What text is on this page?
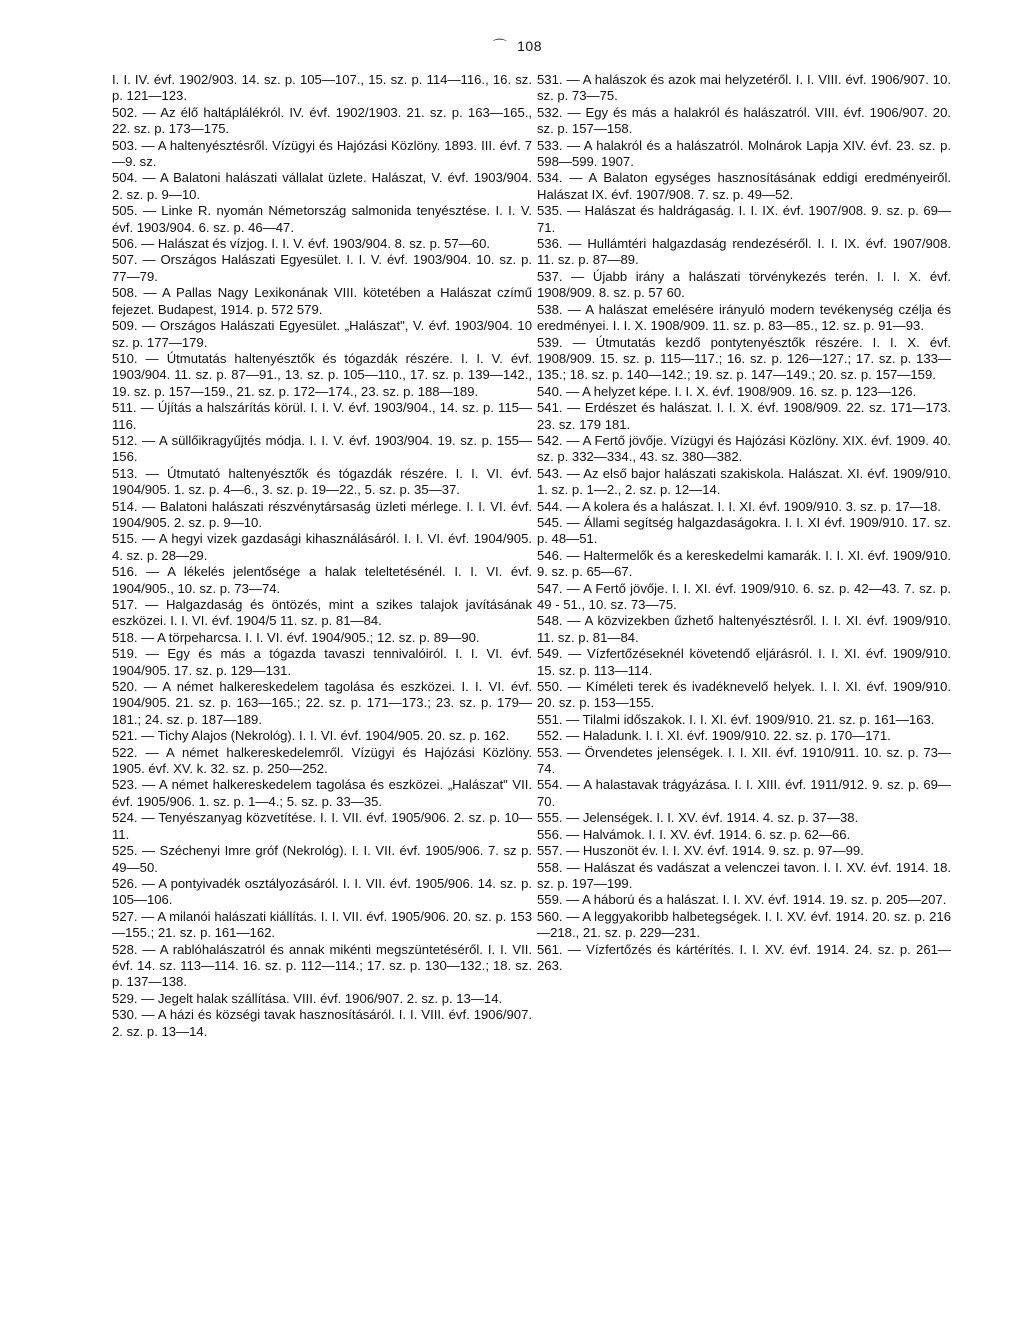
⌒ 108

I. I. IV. évf. 1902/903. 14. sz. p. 105—107., 15. sz. p. 114—116., 16. sz. p. 121—123.

502. — Az élő haltáplálékról. IV. évf. 1902/1903. 21. sz. p. 163—165., 22. sz. p. 173—175.

503. — A haltenyésztésről. Vízügyi és Hajózási Közlöny. 1893. III. évf. 7—9. sz.

504. — A Balatoni halászati vállalat üzlete. Halászat, V. évf. 1903/904. 2. sz. p. 9—10.

505. — Linke R. nyomán Németország salmonida tenyésztése. I. I. V. évf. 1903/904. 6. sz. p. 46—47.

506. — Halászat és vízjog. I. I. V. évf. 1903/904. 8. sz. p. 57—60.

507. — Országos Halászati Egyesület. I. I. V. évf. 1903/904. 10. sz. p. 77—79.

508. — A Pallas Nagy Lexikonának VIII. kötetében a Halászat czímű fejezet. Budapest, 1914. p. 572 579.

509. — Országos Halászati Egyesület. „Halászat", V. évf. 1903/904. 10 sz. p. 177—179.

510. — Útmutatás haltenyésztők és tógazdák részére. I. I. V. évf. 1903/904. 11. sz. p. 87—91., 13. sz. p. 105—110., 17. sz. p. 139—142., 19. sz. p. 157—159., 21. sz. p. 172—174., 23. sz. p. 188—189.

511. — Újítás a halszárítás körül. I. I. V. évf. 1903/904., 14. sz. p. 115—116.

512. — A süllőikragyűjtés módja. I. I. V. évf. 1903/904. 19. sz. p. 155—156.

513. — Útmutató haltenyésztők és tógazdák részére. I. I. VI. évf. 1904/905. 1. sz. p. 4—6., 3. sz. p. 19—22., 5. sz. p. 35—37.

514. — Balatoni halászati részvénytársaság üzleti mérlege. I. I. VI. évf. 1904/905. 2. sz. p. 9—10.

515. — A hegyi vizek gazdasági kihasználásáról. I. I. VI. évf. 1904/905. 4. sz. p. 28—29.

516. — A lékelés jelentősége a halak teleltetésénél. I. I. VI. évf. 1904/905., 10. sz. p. 73—74.

517. — Halgazdaság és öntözés, mint a szikes talajok javításának eszközei. I. I. VI. évf. 1904/5 11. sz. p. 81—84.

518. — A törpeharcsa. I. I. VI. évf. 1904/905.; 12. sz. p. 89—90.

519. — Egy és más a tógazda tavaszi tennivalóiról. I. I. VI. évf. 1904/905. 17. sz. p. 129—131.

520. — A német halkereskedelem tagolása és eszközei. I. I. VI. évf. 1904/905. 21. sz. p. 163—165.; 22. sz. p. 171—173.; 23. sz. p. 179—181.; 24. sz. p. 187—189.

521. — Tichy Alajos (Nekrológ). I. I. VI. évf. 1904/905. 20. sz. p. 162.

522. — A német halkereskedelemről. Vízügyi és Hajózási Közlöny. 1905. évf. XV. k. 32. sz. p. 250—252.

523. — A német halkereskedelem tagolása és eszközei. „Halászat" VII. évf. 1905/906. 1. sz. p. 1—4.; 5. sz. p. 33—35.

524. — Tenyészanyag közvetítése. I. I. VII. évf. 1905/906. 2. sz. p. 10—11.

525. — Széchenyi Imre gróf (Nekrológ). I. I. VII. évf. 1905/906. 7. sz p. 49—50.

526. — A pontyivadék osztályozásáról. I. I. VII. évf. 1905/906. 14. sz. p. 105—106.

527. — A milanói halászati kiállítás. I. I. VII. évf. 1905/906. 20. sz. p. 153—155.; 21. sz. p. 161—162.

528. — A rablóhalászatról és annak mikénti megszüntetéséről. I. I. VII. évf. 14. sz. 113—114. 16. sz. p. 112—114.; 17. sz. p. 130—132.; 18. sz. p. 137—138.

529. — Jegelt halak szállítása. VIII. évf. 1906/907. 2. sz. p. 13—14.

530. — A házi és községi tavak hasznosításáról. I. I. VIII. évf. 1906/907. 2. sz. p. 13—14.

531. — A halászok és azok mai helyzetéről. I. I. VIII. évf. 1906/907. 10. sz. p. 73—75.

532. — Egy és más a halakról és halászatról. VIII. évf. 1906/907. 20. sz. p. 157—158.

533. — A halakról és a halászatról. Molnárok Lapja XIV. évf. 23. sz. p. 598—599. 1907.

534. — A Balaton egységes hasznosításának eddigi eredményeiről. Halászat IX. évf. 1907/908. 7. sz. p. 49—52.

535. — Halászat és haldrágaság. I. I. IX. évf. 1907/908. 9. sz. p. 69—71.

536. — Hullámtéri halgazdaság rendezéséről. I. I. IX. évf. 1907/908. 11. sz. p. 87—89.

537. — Újabb irány a halászati törvénykezés terén. I. I. X. évf. 1908/909. 8. sz. p. 57 60.

538. — A halászat emelésére irányuló modern tevékenység czélja és eredményei. I. I. X. 1908/909. 11. sz. p. 83—85., 12. sz. p. 91—93.

539. — Útmutatás kezdő pontytenyésztők részére. I. I. X. évf. 1908/909. 15. sz. p. 115—117.; 16. sz. p. 126—127.; 17. sz. p. 133—135.; 18. sz. p. 140—142.; 19. sz. p. 147—149.; 20. sz. p. 157—159.

540. — A helyzet képe. I. I. X. évf. 1908/909. 16. sz. p. 123—126.

541. — Erdészet és halászat. I. I. X. évf. 1908/909. 22. sz. 171—173. 23. sz. 179 181.

542. — A Fertő jövője. Vízügyi és Hajózási Közlöny. XIX. évf. 1909. 40. sz. p. 332—334., 43. sz. 380—382.

543. — Az első bajor halászati szakiskola. Halászat. XI. évf. 1909/910. 1. sz. p. 1—2., 2. sz. p. 12—14.

544. — A kolera és a halászat. I. I. XI. évf. 1909/910. 3. sz. p. 17—18.

545. — Állami segítség halgazdaságokra. I. I. XI évf. 1909/910. 17. sz. p. 48—51.

546. — Haltermelők és a kereskedelmi kamarák. I. I. XI. évf. 1909/910. 9. sz. p. 65—67.

547. — A Fertő jövője. I. I. XI. évf. 1909/910. 6. sz. p. 42—43. 7. sz. p. 49 - 51., 10. sz. 73—75.

548. — A közvizekben űzhető haltenyésztésről. I. I. XI. évf. 1909/910. 11. sz. p. 81—84.

549. — Vízfertőzéseknél követendő eljárásról. I. I. XI. évf. 1909/910. 15. sz. p. 113—114.

550. — Kíméleti terek és ivadéknevelő helyek. I. I. XI. évf. 1909/910. 20. sz. p. 153—155.

551. — Tilalmi időszakok. I. I. XI. évf. 1909/910. 21. sz. p. 161—163.

552. — Haladunk. I. I. XI. évf. 1909/910. 22. sz. p. 170—171.

553. — Örvendetes jelenségek. I. I. XII. évf. 1910/911. 10. sz. p. 73—74.

554. — A halastavak trágyázása. I. I. XIII. évf. 1911/912. 9. sz. p. 69—70.

555. — Jelenségek. I. I. XV. évf. 1914. 4. sz. p. 37—38.

556. — Halvámok. I. I. XV. évf. 1914. 6. sz. p. 62—66.

557. — Huszonöt év. I. I. XV. évf. 1914. 9. sz. p. 97—99.

558. — Halászat és vadászat a velenczei tavon. I. I. XV. évf. 1914. 18. sz. p. 197—199.

559. — A háború és a halászat. I. I. XV. évf. 1914. 19. sz. p. 205—207.

560. — A leggyakoribb halbetegségek. I. I. XV. évf. 1914. 20. sz. p. 216—218., 21. sz. p. 229—231.

561. — Vízfertőzés és kártérítés. I. I. XV. évf. 1914. 24. sz. p. 261—263.
